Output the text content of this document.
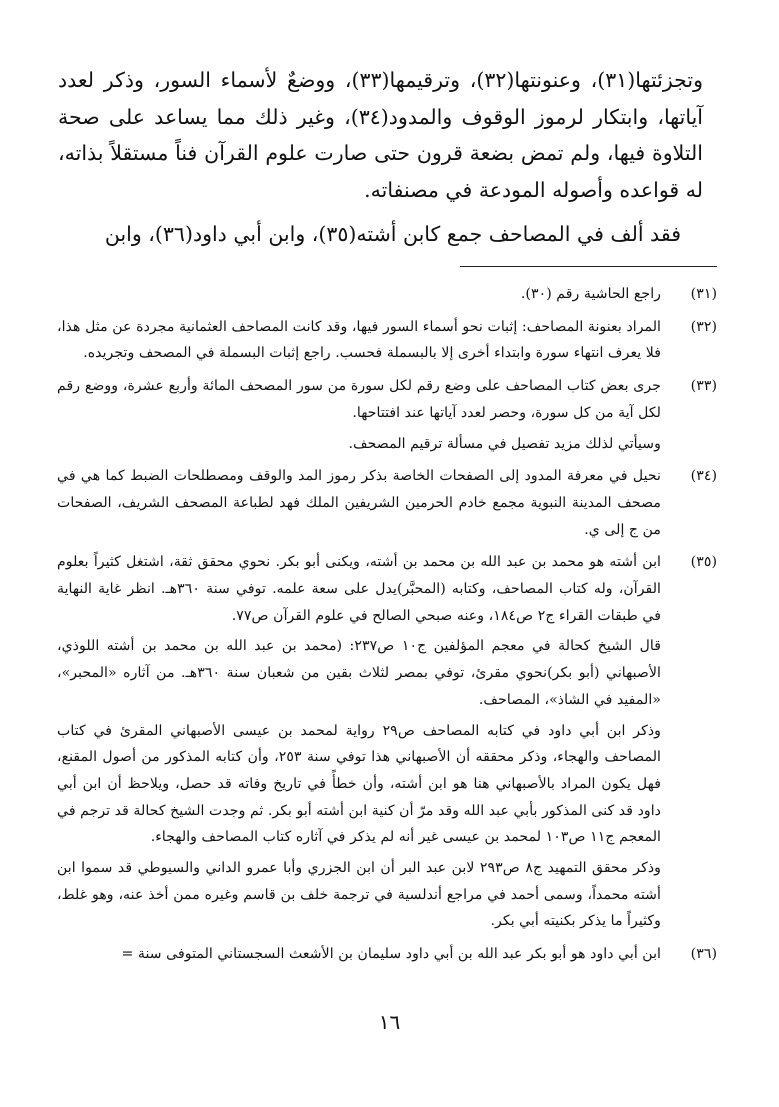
وتجزئتها(٣١)، وعنونتها(٣٢)، وترقيمها(٣٣)، ووضعٌ لأسماء السور، وذكر لعدد آياتها، وابتكار لرموز الوقوف والمدود(٣٤)، وغير ذلك مما يساعد على صحة التلاوة فيها، ولم تمض بضعة قرون حتى صارت علوم القرآن فناً مستقلاً بذاته، له قواعده وأصوله المودعة في مصنفاته.

فقد ألف في المصاحف جمع كابن أشته(٣٥)، وابن أبي داود(٣٦)، وابن

(٣١)

راجع الحاشية رقم (٣٠).

(٣٢)

المراد بعنونة المصاحف: إثبات نحو أسماء السور فيها، وقد كانت المصاحف العثمانية مجردة عن مثل هذا، فلا يعرف انتهاء سورة وابتداء أخرى إلا بالبسملة فحسب. راجع إثبات البسملة في المصحف وتجريده.

(٣٣)

جرى بعض كتاب المصاحف على وضع رقم لكل سورة من سور المصحف المائة وأربع عشرة، ووضع رقم لكل آية من كل سورة، وحصر لعدد آياتها عند افتتاحها.

وسيأتي لذلك مزيد تفصيل في مسألة ترقيم المصحف.

(٣٤)

نحيل في معرفة المدود إلى الصفحات الخاصة بذكر رموز المد والوقف ومصطلحات الضبط كما هي في مصحف المدينة النبوية مجمع خادم الحرمين الشريفين الملك فهد لطباعة المصحف الشريف، الصفحات من ج إلى ي.

(٣٥)

ابن أشته هو محمد بن عبد الله بن محمد بن أشته، ويكنى أبو بكر. نحوي محقق ثقة، اشتغل كثيراً بعلوم القرآن، وله كتاب المصاحف، وكتابه (المحبَّر)يدل على سعة علمه. توفي سنة ٣٦٠هـ. انظر غاية النهاية في طبقات القراء ج٢ ص١٨٤، وعنه صبحي الصالح في علوم القرآن ص٧٧.

قال الشيخ كحالة في معجم المؤلفين ج١٠ ص٢٣٧: (محمد بن عبد الله بن محمد بن أشته اللوذي، الأصبهاني (أبو بكر)نحوي مقرئ، توفي بمصر لثلاث بقين من شعبان سنة ٣٦٠هـ. من آثاره «المحبر»، «المفيد في الشاذ»، المصاحف.

وذكر ابن أبي داود في كتابه المصاحف ص٢٩ رواية لمحمد بن عيسى الأصبهاني المقرئ في كتاب المصاحف والهجاء، وذكر محققه أن الأصبهاني هذا توفي سنة ٢٥٣، وأن كتابه المذكور من أصول المقنع، فهل يكون المراد بالأصبهاني هنا هو ابن أشته، وأن خطأً في تاريخ وفاته قد حصل، ويلاحظ أن ابن أبي داود قد كنى المذكور بأبي عبد الله وقد مرّ أن كنية ابن أشته أبو بكر. ثم وجدت الشيخ كحالة قد ترجم في المعجم ج١١ ص١٠٣ لمحمد بن عيسى غير أنه لم يذكر في آثاره كتاب المصاحف والهجاء.

وذكر محقق التمهيد ج٨ ص٢٩٣ لابن عبد البر أن ابن الجزري وأبا عمرو الداني والسيوطي قد سموا ابن أشته محمداً، وسمى أحمد في مراجع أندلسية في ترجمة خلف بن قاسم وغيره ممن أخذ عنه، وهو غلط، وكثيراً ما يذكر بكنيته أبي بكر.

(٣٦)

ابن أبي داود هو أبو بكر عبد الله بن أبي داود سليمان بن الأشعث السجستاني المتوفى سنة =

١٦
